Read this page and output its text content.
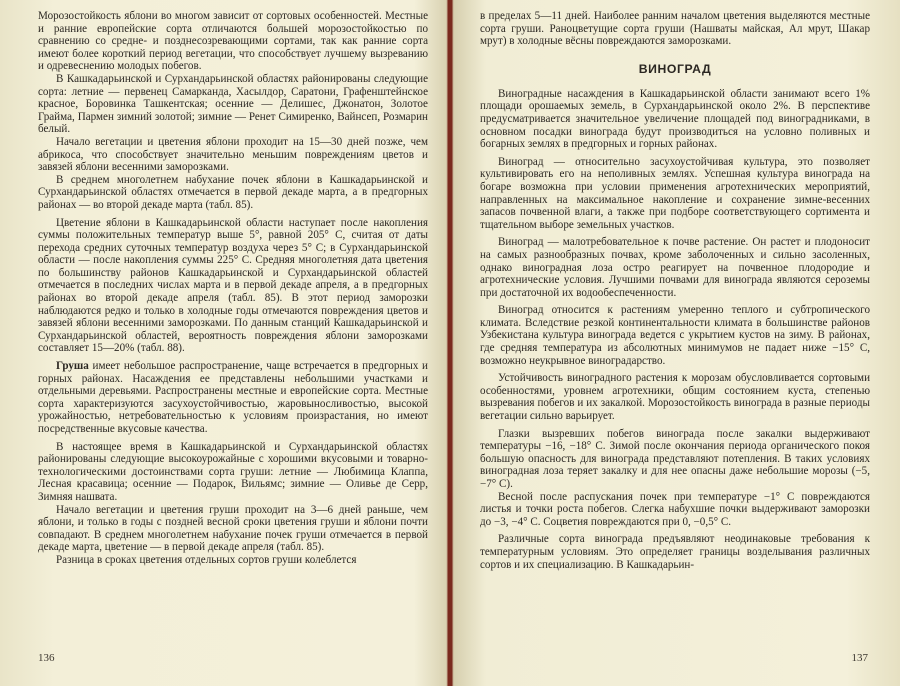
Морозостойкость яблони во многом зависит от сортовых особенностей. Местные и ранние европейские сорта отличаются большей морозостойкостью по сравнению со средне- и позднесозревающими сортами, так как ранние сорта имеют более короткий период вегетации, что способствует лучшему вызреванию и одревеснению молодых побегов.

В Кашкадарьинской и Сурхандарьинской областях районированы следующие сорта: летние — первенец Самарканда, Хасылдор, Саратони, Графенштейнское красное, Боровинка Ташкентская; осенние — Делишес, Джонатон, Золотое Грайма, Пармен зимний золотой; зимние — Ренет Симиренко, Вайнсеп, Розмарин белый.

Начало вегетации и цветения яблони проходит на 15—30 дней позже, чем абрикоса, что способствует значительно меньшим повреждениям цветов и завязей яблони весенними заморозками.

В среднем многолетнем набухание почек яблони в Кашкадарьинской и Сурхандарьинской областях отмечается в первой декаде марта, а в предгорных районах — во второй декаде марта (табл. 85).

Цветение яблони в Кашкадарьинской области наступает после накопления суммы положительных температур выше 5°, равной 205° С, считая от даты перехода средних суточных температур воздуха через 5° С; в Сурхандарьинской области — после накопления суммы 225° С. Средняя многолетняя дата цветения по большинству районов Кашкадарьинской и Сурхандарьинской областей отмечается в последних числах марта и в первой декаде апреля, а в предгорных районах во второй декаде апреля (табл. 85). В этот период заморозки наблюдаются редко и только в холодные годы отмечаются повреждения цветов и завязей яблони весенними заморозками. По данным станций Кашкадарьинской и Сурхандарьинской областей, вероятность повреждения яблони заморозками составляет 15—20% (табл. 88).

Груша имеет небольшое распространение, чаще встречается в предгорных и горных районах. Насаждения ее представлены небольшими участками и отдельными деревьями. Распространены местные и европейские сорта. Местные сорта характеризуются засухоустойчивостью, жаровыносливостью, высокой урожайностью, нетребовательностью к условиям произрастания, но имеют посредственные вкусовые качества.

В настоящее время в Кашкадарьинской и Сурхандарьинской областях районированы следующие высокоурожайные с хорошими вкусовыми и товарно-технологическими достоинствами сорта груши: летние — Любимица Клаппа, Лесная красавица; осенние — Подарок, Вильямс; зимние — Оливье де Серр, Зимняя нашвата.

Начало вегетации и цветения груши проходит на 3—6 дней раньше, чем яблони, и только в годы с поздней весной сроки цветения груши и яблони почти совпадают. В среднем многолетнем набухание почек груши отмечается в первой декаде марта, цветение — в первой декаде апреля (табл. 85).

Разница в сроках цветения отдельных сортов груши колеблется

136

в пределах 5—11 дней. Наиболее ранним началом цветения выделяются местные сорта груши. Раноцветущие сорта груши (Нашваты майская, Ал мрут, Шакар мрут) в холодные вёсны повреждаются заморозками.

ВИНОГРАД

Виноградные насаждения в Кашкадарьинской области занимают всего 1% площади орошаемых земель, в Сурхандарьинской около 2%. В перспективе предусматривается значительное увеличение площадей под виноградниками, в основном посадки винограда будут производиться на условно поливных и богарных землях в предгорных и горных районах.

Виноград — относительно засухоустойчивая культура, это позволяет культивировать его на неполивных землях. Успешная культура винограда на богаре возможна при условии применения агротехнических мероприятий, направленных на максимальное накопление и сохранение зимне-весенних запасов почвенной влаги, а также при подборе соответствующего сортимента и тщательном выборе земельных участков.

Виноград — малотребовательное к почве растение. Он растет и плодоносит на самых разнообразных почвах, кроме заболоченных и сильно засоленных, однако виноградная лоза остро реагирует на почвенное плодородие и агротехнические условия. Лучшими почвами для винограда являются сероземы при достаточной их водообеспеченности.

Виноград относится к растениям умеренно теплого и субтропического климата. Вследствие резкой континентальности климата в большинстве районов Узбекистана культура винограда ведется с укрытием кустов на зиму. В районах, где средняя температура из абсолютных минимумов не падает ниже −15° С, возможно неукрывное виноградарство.

Устойчивость виноградного растения к морозам обусловливается сортовыми особенностями, уровнем агротехники, общим состоянием куста, степенью вызревания побегов и их закалкой. Морозостойкость винограда в разные периоды вегетации сильно варьирует.

Глазки вызревших побегов винограда после закалки выдерживают температуры −16, −18° С. Зимой после окончания периода органического покоя большую опасность для винограда представляют потепления. В таких условиях виноградная лоза теряет закалку и для нее опасны даже небольшие морозы (−5, −7° С).

Весной после распускания почек при температуре −1° С повреждаются листья и точки роста побегов. Слегка набухшие почки выдерживают заморозки до −3, −4° С. Соцветия повреждаются при 0, −0,5° С.

Различные сорта винограда предъявляют неодинаковые требования к температурным условиям. Это определяет границы возделывания различных сортов и их специализацию. В Кашкадарьин-

137
